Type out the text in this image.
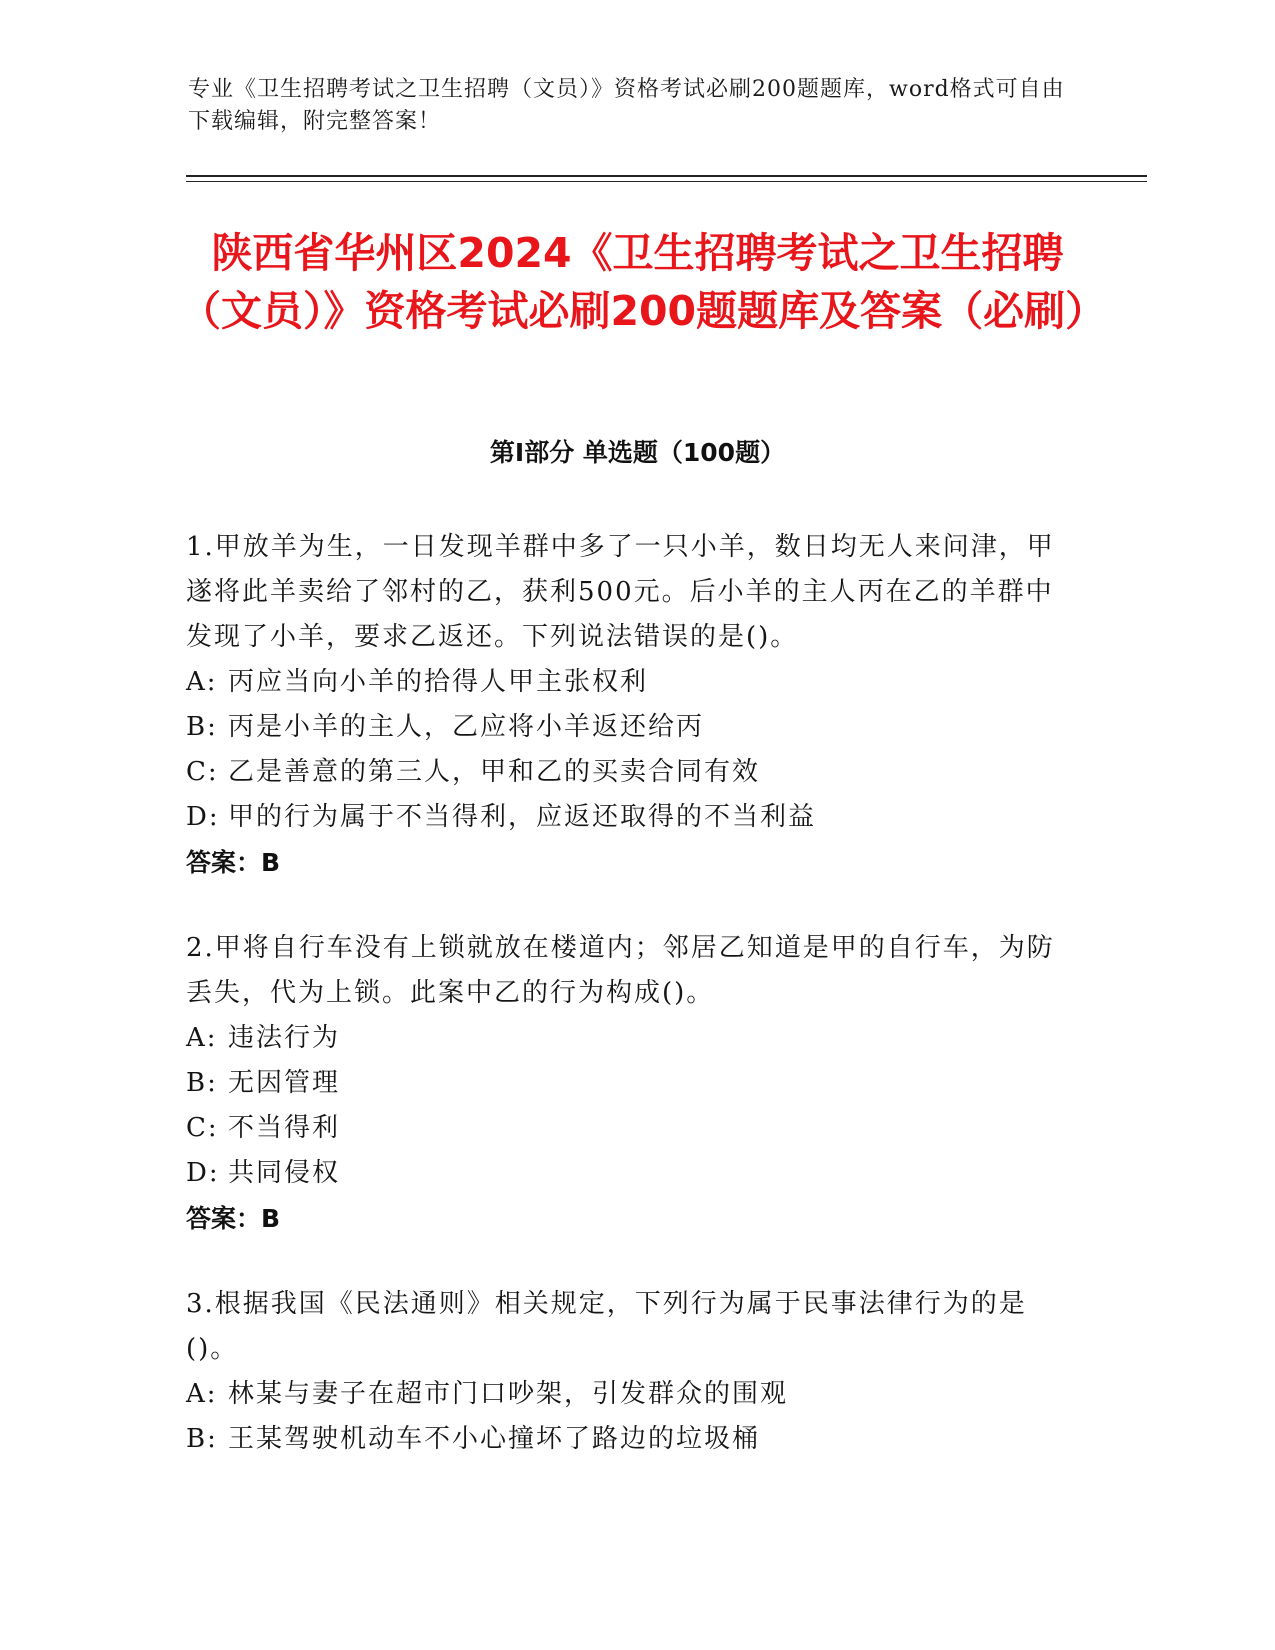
专业《卫生招聘考试之卫生招聘（文员）》资格考试必刷200题题库，word格式可自由下载编辑，附完整答案！
陕西省华州区2024《卫生招聘考试之卫生招聘（文员）》资格考试必刷200题题库及答案（必刷）
第I部分 单选题（100题）
1.甲放羊为生，一日发现羊群中多了一只小羊，数日均无人来问津，甲遂将此羊卖给了邻村的乙，获利500元。后小羊的主人丙在乙的羊群中发现了小羊，要求乙返还。下列说法错误的是()。
A: 丙应当向小羊的拾得人甲主张权利
B: 丙是小羊的主人，乙应将小羊返还给丙
C: 乙是善意的第三人，甲和乙的买卖合同有效
D: 甲的行为属于不当得利，应返还取得的不当利益
答案：B
2.甲将自行车没有上锁就放在楼道内；邻居乙知道是甲的自行车，为防丢失，代为上锁。此案中乙的行为构成()。
A: 违法行为
B: 无因管理
C: 不当得利
D: 共同侵权
答案：B
3.根据我国《民法通则》相关规定，下列行为属于民事法律行为的是()。
A: 林某与妻子在超市门口吵架，引发群众的围观
B: 王某驾驶机动车不小心撞坏了路边的垃圾桶
